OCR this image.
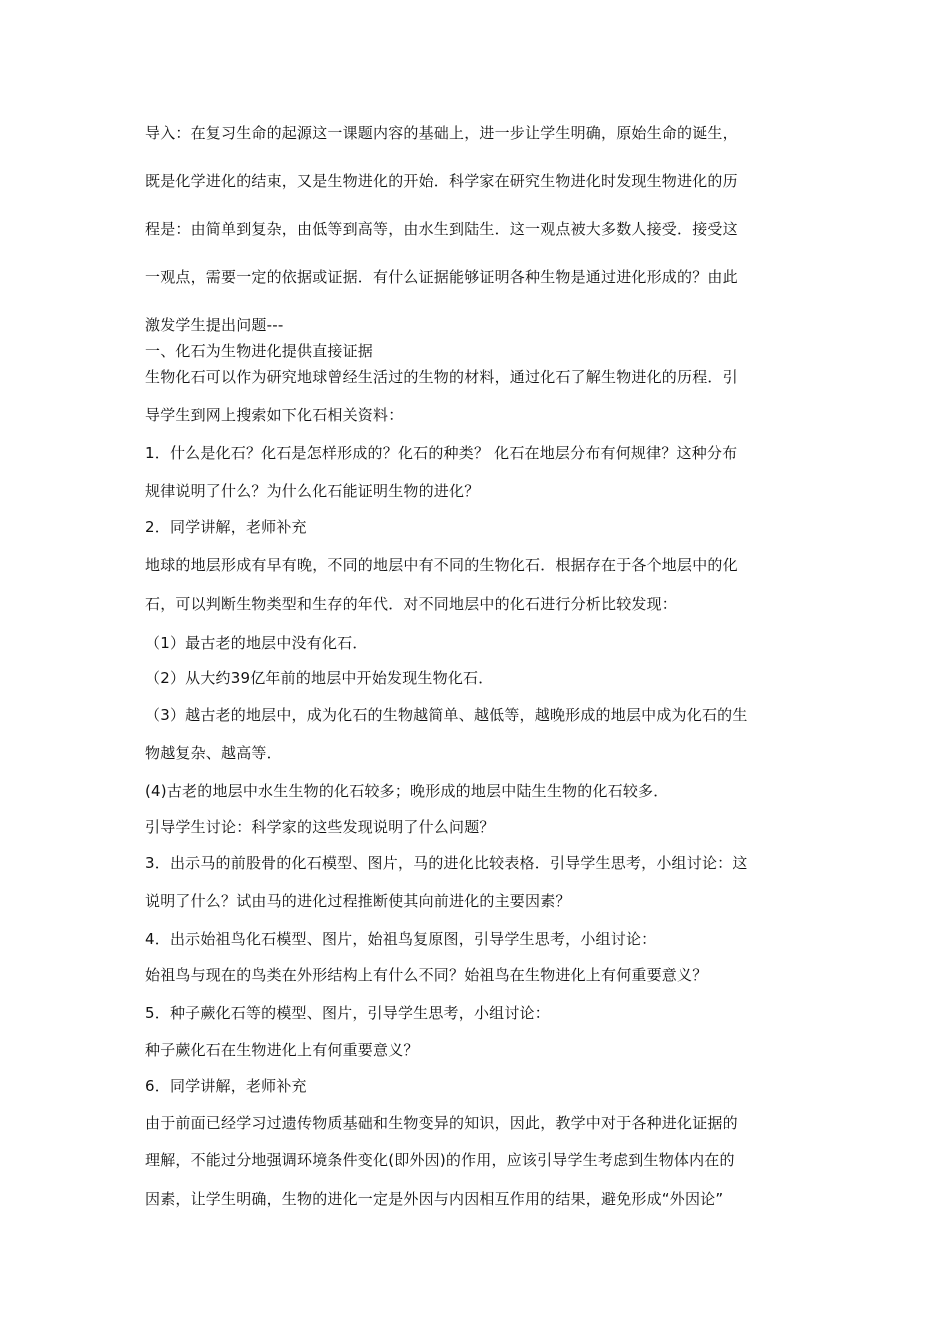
导入：在复习生命的起源这一课题内容的基础上，进一步让学生明确，原始生命的诞生，
既是化学进化的结束，又是生物进化的开始．科学家在研究生物进化时发现生物进化的历
程是：由简单到复杂，由低等到高等，由水生到陆生．这一观点被大多数人接受．接受这
一观点，需要一定的依据或证据．有什么证据能够证明各种生物是通过进化形成的？由此
激发学生提出问题---
一、化石为生物进化提供直接证据
生物化石可以作为研究地球曾经生活过的生物的材料，通过化石了解生物进化的历程．引
导学生到网上搜索如下化石相关资料：
1．什么是化石？化石是怎样形成的？化石的种类？ 化石在地层分布有何规律？这种分布
规律说明了什么？为什么化石能证明生物的进化？
2．同学讲解，老师补充
地球的地层形成有早有晚，不同的地层中有不同的生物化石．根据存在于各个地层中的化
石，可以判断生物类型和生存的年代．对不同地层中的化石进行分析比较发现：
（1）最古老的地层中没有化石．
（2）从大约39亿年前的地层中开始发现生物化石．
（3）越古老的地层中，成为化石的生物越简单、越低等，越晚形成的地层中成为化石的生
物越复杂、越高等．
(4)古老的地层中水生生物的化石较多；晚形成的地层中陆生生物的化石较多．
引导学生讨论：科学家的这些发现说明了什么问题？
3．出示马的前股骨的化石模型、图片，马的进化比较表格．引导学生思考，小组讨论：这
说明了什么？试由马的进化过程推断使其向前进化的主要因素？
4．出示始祖鸟化石模型、图片，始祖鸟复原图，引导学生思考，小组讨论：
始祖鸟与现在的鸟类在外形结构上有什么不同？始祖鸟在生物进化上有何重要意义？
5．种子蕨化石等的模型、图片，引导学生思考，小组讨论：
种子蕨化石在生物进化上有何重要意义？
6．同学讲解，老师补充
由于前面已经学习过遗传物质基础和生物变异的知识，因此，教学中对于各种进化证据的
理解，不能过分地强调环境条件变化(即外因)的作用，应该引导学生考虑到生物体内在的
因素，让学生明确，生物的进化一定是外因与内因相互作用的结果，避免形成“外因论”
